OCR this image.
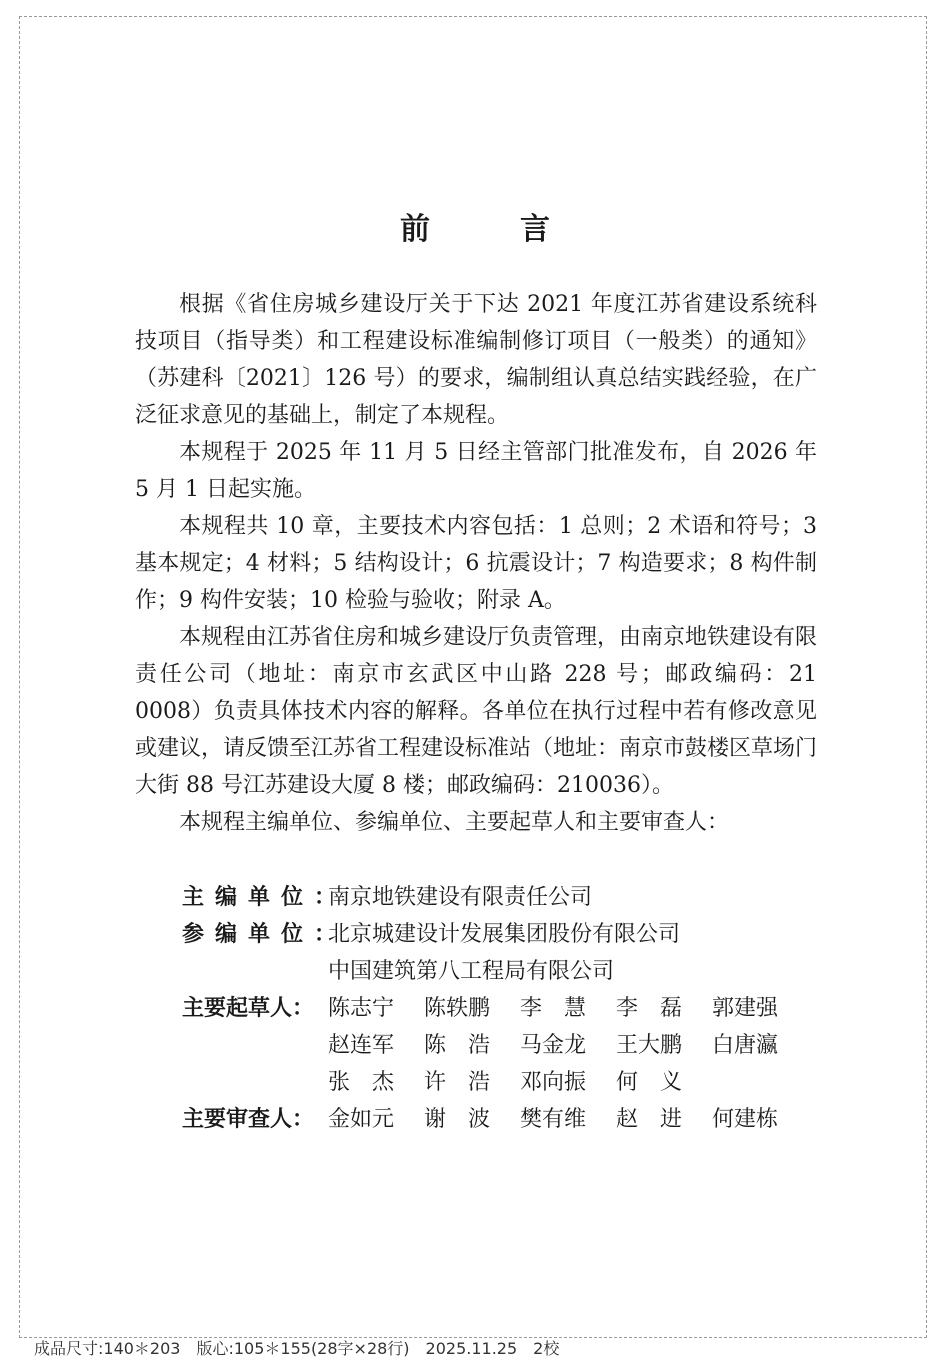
前　言

根据《省住房城乡建设厅关于下达 2021 年度江苏省建设系统科技项目（指导类）和工程建设标准编制修订项目（一般类）的通知》（苏建科〔2021〕126 号）的要求，编制组认真总结实践经验，在广泛征求意见的基础上，制定了本规程。

本规程于 2025 年 11 月 5 日经主管部门批准发布，自 2026 年 5 月 1 日起实施。

本规程共 10 章，主要技术内容包括：1 总则；2 术语和符号；3 基本规定；4 材料；5 结构设计；6 抗震设计；7 构造要求；8 构件制作；9 构件安装；10 检验与验收；附录 A。

本规程由江苏省住房和城乡建设厅负责管理，由南京地铁建设有限责任公司（地址：南京市玄武区中山路 228 号；邮政编码：21 0008）负责具体技术内容的解释。各单位在执行过程中若有修改意见或建议，请反馈至江苏省工程建设标准站（地址：南京市鼓楼区草场门大街 88 号江苏建设大厦 8 楼；邮政编码：210036）。

本规程主编单位、参编单位、主要起草人和主要审查人：

主编单位：
南京地铁建设有限责任公司
参编单位：
北京城建设计发展集团股份有限公司
中国建筑第八工程局有限公司
主要起草人： 陈志宁	陈轶鹏	李　慧	李　磊	郭建强
赵连军	陈　浩	马金龙	王大鹏	白唐瀛
张　杰	许　浩	邓向振	何　义
主要审查人： 金如元	谢　波	樊有维	赵　进	何建栋
成品尺寸:140＊203　版心:105＊155(28字×28行)　2025.11.25　2校
